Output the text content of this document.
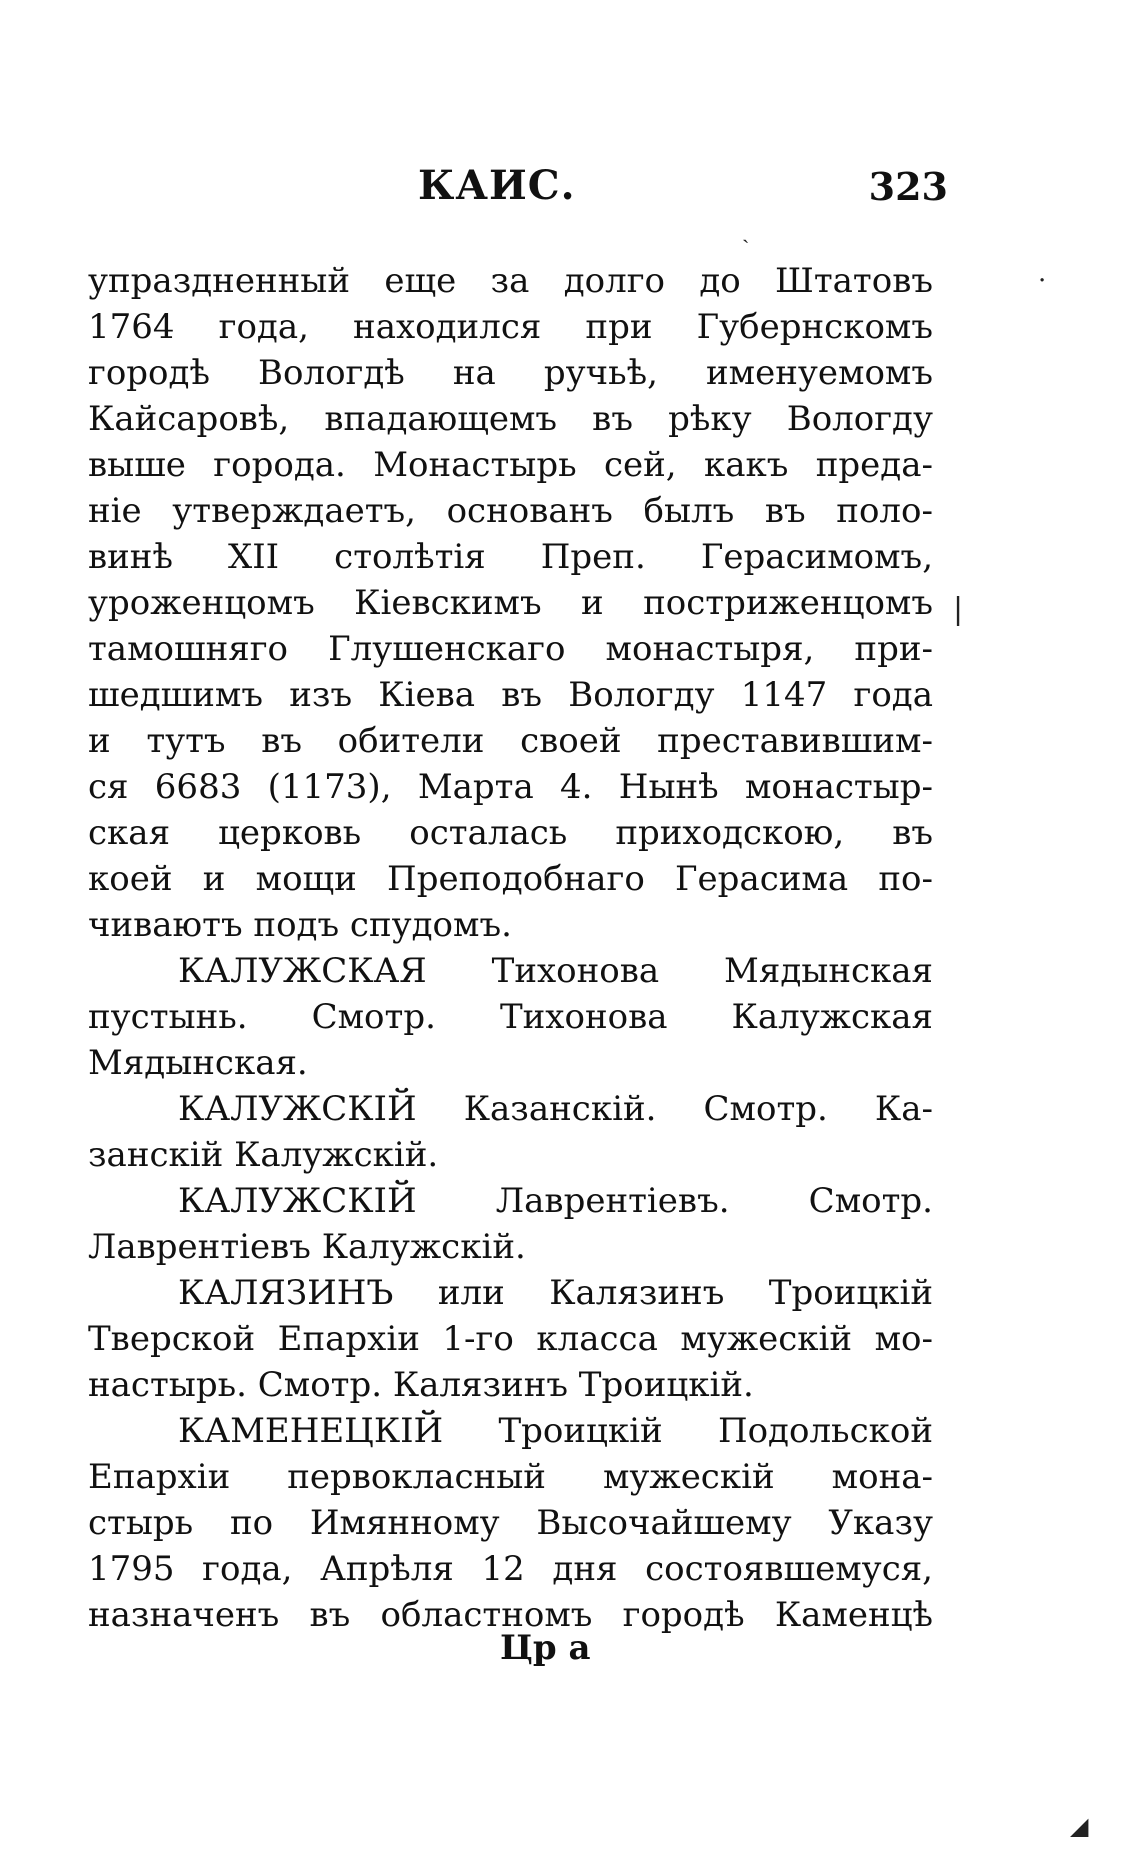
КАИС.	323
упраздненный еще за долго до Штатовъ
1764 года, находился при Губернскомъ
городѣ Вологдѣ на ручьѣ, именуемомъ
Кайсаровѣ, впадающемъ въ рѣку Вологду
выше города. Монастырь сей, какъ преда-
ніе утверждаетъ, основанъ былъ въ поло-
винѣ XII столѣтія Преп. Герасимомъ,
уроженцомъ Кіевскимъ и постриженцомъ
тамошняго Глушенскаго монастыря, при-
шедшимъ изъ Кіева въ Вологду 1147 года
и тутъ въ обители своей преставившим-
ся 6683 (1173), Марта 4. Нынѣ монастыр-
ская церковь осталась приходскою, въ
коей и мощи Преподобнаго Герасима по-
чиваютъ подъ спудомъ.
КАЛУЖСКАЯ Тихонова Мядынская
пустынь. Смотр. Тихонова Калужская
Мядынская.
КАЛУЖСКІЙ Казанскій. Смотр. Ка-
занскій Калужскій.
КАЛУЖСКІЙ Лаврентіевъ. Смотр.
Лаврентіевъ Калужскій.
КАЛЯЗИНЪ или Калязинъ Троицкій
Тверской Епархіи 1-го класса мужескій мо-
настырь. Смотр. Калязинъ Троицкій.
КАМЕНЕЦКІЙ Троицкій Подольской
Епархіи первокласный мужескій мона-
стырь по Имянному Высочайшему Указу
1795 года, Апрѣля 12 дня состоявшемуся,
назначенъ въ областномъ городѣ Каменцѣ
Цр а
·
|
ˏ
◢
